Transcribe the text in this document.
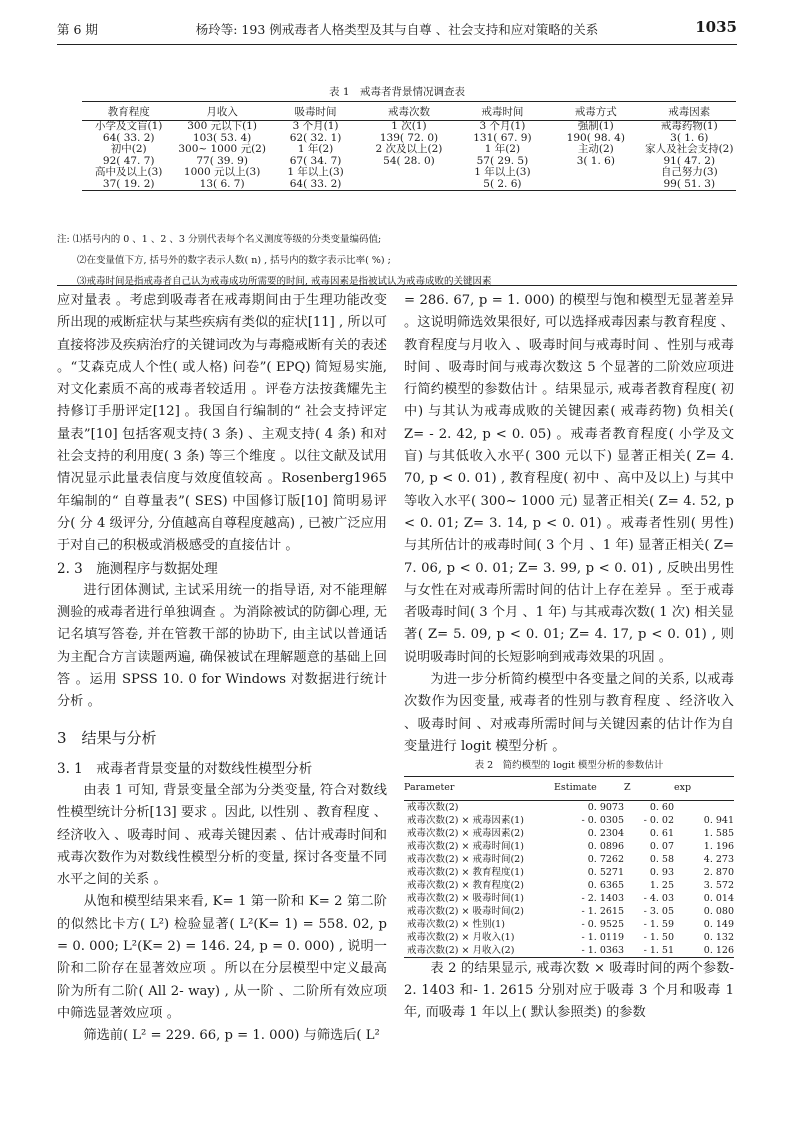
第 6 期	杨玲等: 193 例戒毒者人格类型及其与自尊 、社会支持和应对策略的关系	1035
表 1　戒毒者背景情况调查表
教育程度	月收入	吸毒时间	戒毒次数	戒毒时间	戒毒方式	戒毒因素
小学及文盲(1)	300 元以下(1)	3 个月(1)	1 次(1)	3 个月(1)	强制(1)	戒毒药物(1)
64( 33. 2)	103( 53. 4)	62( 32. 1)	139( 72. 0)	131( 67. 9)	190( 98. 4)	3( 1. 6)
初中(2)	300~ 1000 元(2)	1 年(2)	2 次及以上(2)	1 年(2)	主动(2)	家人及社会支持(2)
92( 47. 7)	77( 39. 9)	67( 34. 7)	54( 28. 0)	57( 29. 5)	3( 1. 6)	91( 47. 2)
高中及以上(3)	1000 元以上(3)	1 年以上(3)		1 年以上(3)		自己努力(3)
37( 19. 2)	13( 6. 7)	64( 33. 2)		5( 2. 6)		99( 51. 3)
注: ⑴括号内的 0 、1 、2 、3 分别代表每个名义测度等级的分类变量编码值;
⑵在变量值下方, 括号外的数字表示人数( n) , 括号内的数字表示比率( %) ;
⑶戒毒时间是指戒毒者自己认为戒毒成功所需要的时间, 戒毒因素是指被试认为戒毒成败的关键因素

应对量表 。考虑到吸毒者在戒毒期间由于生理功能改变所出现的戒断症状与某些疾病有类似的症状[11] , 所以可直接将涉及疾病治疗的关键词改为与毒瘾戒断有关的表述 。“艾森克成人个性( 或人格) 问卷”( EPQ) 简短易实施, 对文化素质不高的戒毒者较适用 。评卷方法按龚耀先主持修订手册评定[12] 。我国自行编制的“ 社会支持评定量表”[10] 包括客观支持( 3 条) 、主观支持( 4 条) 和对社会支持的利用度( 3 条) 等三个维度 。以往文献及试用情况显示此量表信度与效度值较高 。Rosenberg1965 年编制的“ 自尊量表”( SES) 中国修订版[10] 简明易评分( 分 4 级评分, 分值越高自尊程度越高) , 已被广泛应用于对自己的积极或消极感受的直接估计 。

2. 3　施测程序与数据处理

进行团体测试, 主试采用统一的指导语, 对不能理解测验的戒毒者进行单独调查 。为消除被试的防御心理, 无记名填写答卷, 并在管教干部的协助下, 由主试以普通话为主配合方言读题两遍, 确保被试在理解题意的基础上回答 。运用 SPSS 10. 0 for Windows 对数据进行统计分析 。

3　结果与分析
3. 1　戒毒者背景变量的对数线性模型分析

由表 1 可知, 背景变量全部为分类变量, 符合对数线性模型统计分析[13] 要求 。因此, 以性别 、教育程度 、经济收入 、吸毒时间 、戒毒关键因素 、估计戒毒时间和戒毒次数作为对数线性模型分析的变量, 探讨各变量不同水平之间的关系 。

从饱和模型结果来看, K= 1 第一阶和 K= 2 第二阶的似然比卡方( L²) 检验显著( L²(K= 1) = 558. 02, p = 0. 000; L²(K= 2) = 146. 24, p = 0. 000) , 说明一阶和二阶存在显著效应项 。所以在分层模型中定义最高阶为所有二阶( All 2- way) , 从一阶 、二阶所有效应项中筛选显著效应项 。

筛选前( L² = 229. 66, p = 1. 000) 与筛选后( L²

= 286. 67, p = 1. 000) 的模型与饱和模型无显著差异 。这说明筛选效果很好, 可以选择戒毒因素与教育程度 、教育程度与月收入 、吸毒时间与戒毒时间 、性别与戒毒时间 、吸毒时间与戒毒次数这 5 个显著的二阶效应项进行简约模型的参数估计 。结果显示, 戒毒者教育程度( 初中) 与其认为戒毒成败的关键因素( 戒毒药物) 负相关( Z= - 2. 42, p < 0. 05) 。戒毒者教育程度( 小学及文盲) 与其低收入水平( 300 元以下) 显著正相关( Z= 4. 70, p < 0. 01) , 教育程度( 初中 、高中及以上) 与其中等收入水平( 300~ 1000 元) 显著正相关( Z= 4. 52, p < 0. 01; Z= 3. 14, p < 0. 01) 。戒毒者性别( 男性) 与其所估计的戒毒时间( 3 个月 、1 年) 显著正相关( Z= 7. 06, p < 0. 01; Z= 3. 99, p < 0. 01) , 反映出男性与女性在对戒毒所需时间的估计上存在差异 。至于戒毒者吸毒时间( 3 个月 、1 年) 与其戒毒次数( 1 次) 相关显著( Z= 5. 09, p < 0. 01; Z= 4. 17, p < 0. 01) , 则说明吸毒时间的长短影响到戒毒效果的巩固 。

为进一步分析简约模型中各变量之间的关系, 以戒毒次数作为因变量, 戒毒者的性别与教育程度 、经济收入 、吸毒时间 、对戒毒所需时间与关键因素的估计作为自变量进行 logit 模型分析 。

表 2　简约模型的 logit 模型分析的参数估计
Parameter	Estimate	Z	exp
戒毒次数(2)	0. 9073	0. 60	
戒毒次数(2) × 戒毒因素(1)	- 0. 0305	- 0. 02	0. 941
戒毒次数(2) × 戒毒因素(2)	0. 2304	0. 61	1. 585
戒毒次数(2) × 戒毒时间(1)	0. 0896	0. 07	1. 196
戒毒次数(2) × 戒毒时间(2)	0. 7262	0. 58	4. 273
戒毒次数(2) × 教育程度(1)	0. 5271	0. 93	2. 870
戒毒次数(2) × 教育程度(2)	0. 6365	1. 25	3. 572
戒毒次数(2) × 吸毒时间(1)	- 2. 1403	- 4. 03	0. 014
戒毒次数(2) × 吸毒时间(2)	- 1. 2615	- 3. 05	0. 080
戒毒次数(2) × 性别(1)	- 0. 9525	- 1. 59	0. 149
戒毒次数(2) × 月收入(1)	- 1. 0119	- 1. 50	0. 132
戒毒次数(2) × 月收入(2)	- 1. 0363	- 1. 51	0. 126

表 2 的结果显示, 戒毒次数 × 吸毒时间的两个参数- 2. 1403 和- 1. 2615 分别对应于吸毒 3 个月和吸毒 1 年, 而吸毒 1 年以上( 默认参照类) 的参数
